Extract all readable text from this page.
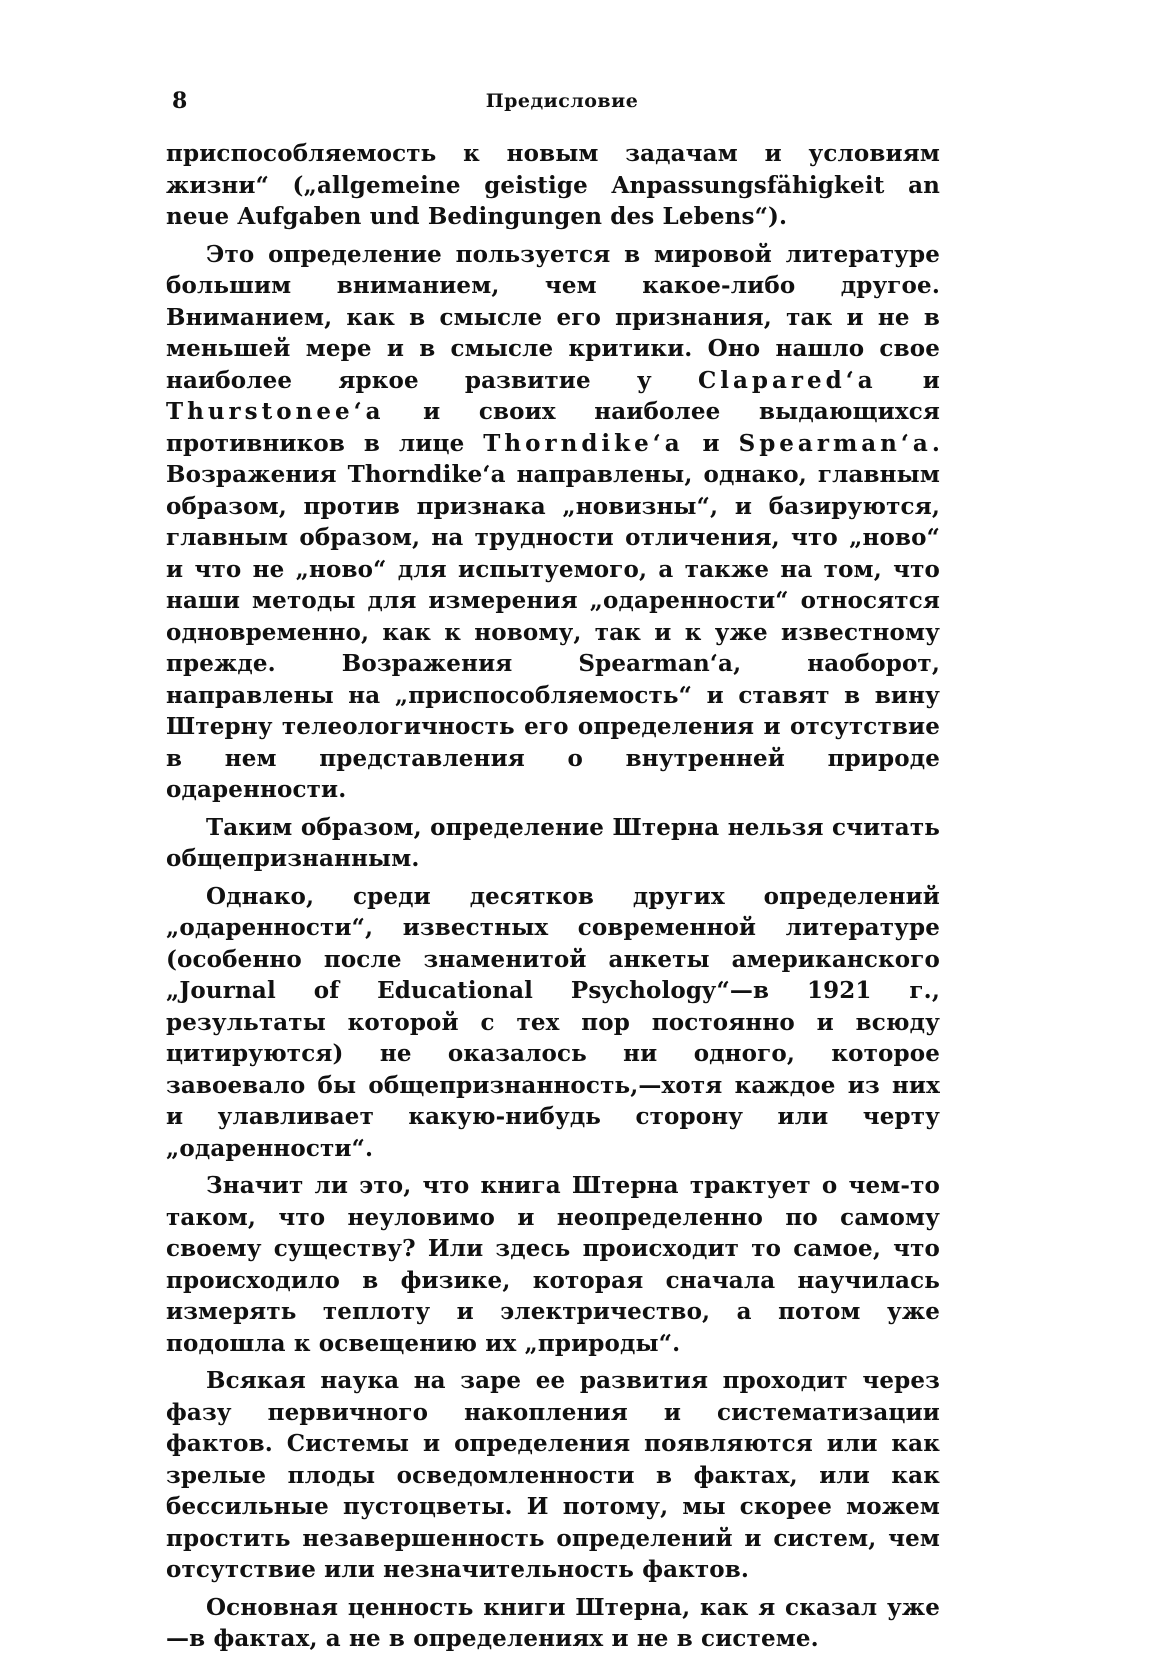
8	Предисловие

приспособляемость к новым задачам и условиям жизни“ („allgemeine geistige Anpassungsfähigkeit an neue Aufgaben und Bedingungen des Lebens“).

Это определение пользуется в мировой литературе большим вниманием, чем какое-либо другое. Вниманием, как в смысле его признания, так и не в меньшей мере и в смысле критики. Оно нашло свое наиболее яркое развитие у Clapared‘a и Thurstonee‘a и своих наиболее выдающихся противников в лице Thorndike‘a и Spearman‘a. Возражения Thorndike‘a направлены, однако, главным образом, против признака „новизны“, и базируются, главным образом, на трудности отличения, что „ново“ и что не „ново“ для испытуемого, а также на том, что наши методы для измерения „одаренности“ относятся одновременно, как к новому, так и к уже известному прежде. Возражения Spearman‘a, наоборот, направлены на „приспособляемость“ и ставят в вину Штерну телеологичность его определения и отсутствие в нем представления о внутренней природе одаренности.

Таким образом, определение Штерна нельзя считать общепризнанным.

Однако, среди десятков других определений „одаренности“, известных современной литературе (особенно после знаменитой анкеты американского „Journal of Educational Psychology“—в 1921 г., результаты которой с тех пор постоянно и всюду цитируются) не оказалось ни одного, которое завоевало бы общепризнанность,—хотя каждое из них и улавливает какую-нибудь сторону или черту „одаренности“.

Значит ли это, что книга Штерна трактует о чем-то таком, что неуловимо и неопределенно по самому своему существу? Или здесь происходит то самое, что происходило в физике, которая сначала научилась измерять теплоту и электричество, а потом уже подошла к освещению их „природы“.

Всякая наука на заре ее развития проходит через фазу первичного накопления и систематизации фактов. Системы и определения появляются или как зрелые плоды осведомленности в фактах, или как бессильные пустоцветы. И потому, мы скорее можем простить незавершенность определений и систем, чем отсутствие или незначительность фактов.

Основная ценность книги Штерна, как я сказал уже—в фактах, а не в определениях и не в системе.
